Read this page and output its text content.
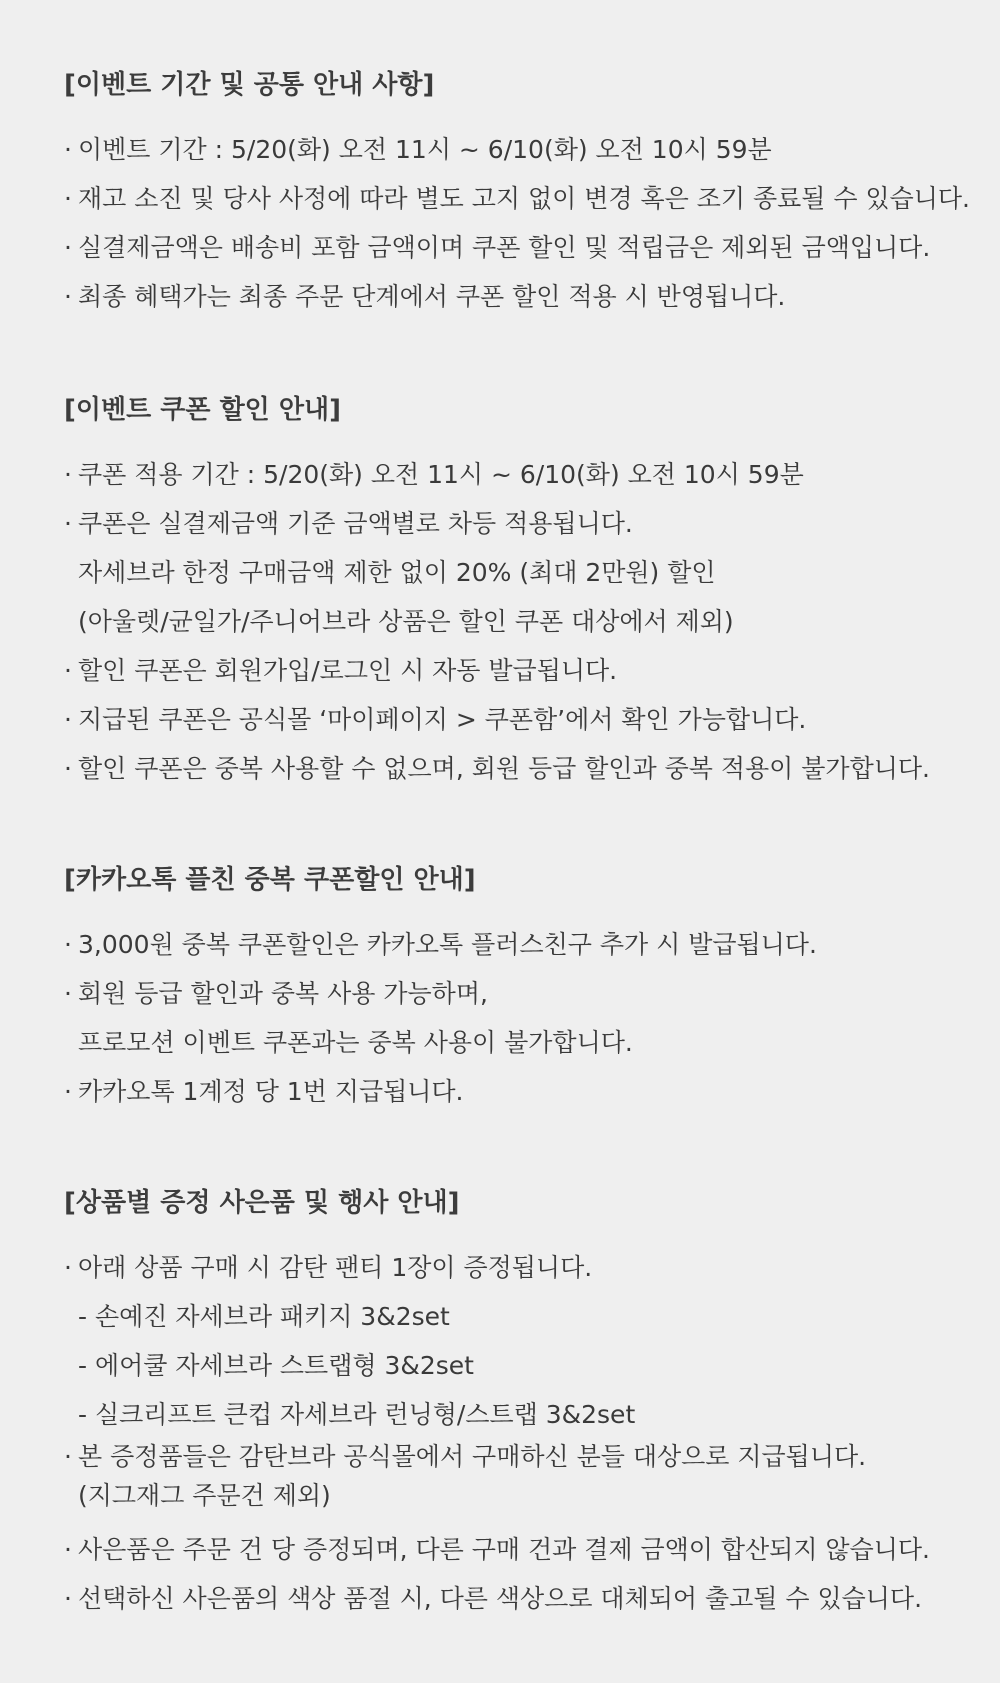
[이벤트 기간 및 공통 안내 사항]
· 이벤트 기간 : 5/20(화) 오전 11시 ~ 6/10(화) 오전 10시 59분
· 재고 소진 및 당사 사정에 따라 별도 고지 없이 변경 혹은 조기 종료될 수 있습니다.
· 실결제금액은 배송비 포함 금액이며 쿠폰 할인 및 적립금은 제외된 금액입니다.
· 최종 혜택가는 최종 주문 단계에서 쿠폰 할인 적용 시 반영됩니다.
[이벤트 쿠폰 할인 안내]
· 쿠폰 적용 기간 : 5/20(화) 오전 11시 ~ 6/10(화) 오전 10시 59분
· 쿠폰은 실결제금액 기준 금액별로 차등 적용됩니다.
자세브라 한정 구매금액 제한 없이 20% (최대 2만원) 할인
(아울렛/균일가/주니어브라 상품은 할인 쿠폰 대상에서 제외)
· 할인 쿠폰은 회원가입/로그인 시 자동 발급됩니다.
· 지급된 쿠폰은 공식몰 ‘마이페이지 > 쿠폰함’에서 확인 가능합니다.
· 할인 쿠폰은 중복 사용할 수 없으며, 회원 등급 할인과 중복 적용이 불가합니다.
[카카오톡 플친 중복 쿠폰할인 안내]
· 3,000원 중복 쿠폰할인은 카카오톡 플러스친구 추가 시 발급됩니다.
· 회원 등급 할인과 중복 사용 가능하며,
프로모션 이벤트 쿠폰과는 중복 사용이 불가합니다.
· 카카오톡 1계정 당 1번 지급됩니다.
[상품별 증정 사은품 및 행사 안내]
· 아래 상품 구매 시 감탄 팬티 1장이 증정됩니다.
- 손예진 자세브라 패키지 3&2set
- 에어쿨 자세브라 스트랩형 3&2set
- 실크리프트 큰컵 자세브라 런닝형/스트랩 3&2set
· 본 증정품들은 감탄브라 공식몰에서 구매하신 분들 대상으로 지급됩니다.
(지그재그 주문건 제외)
· 사은품은 주문 건 당 증정되며, 다른 구매 건과 결제 금액이 합산되지 않습니다.
· 선택하신 사은품의 색상 품절 시, 다른 색상으로 대체되어 출고될 수 있습니다.
